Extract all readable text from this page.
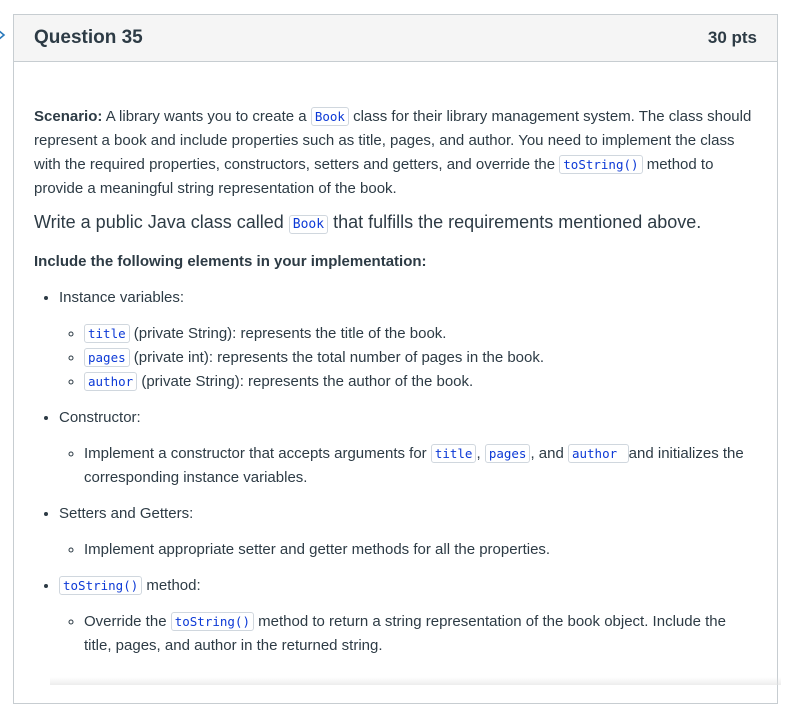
Question 35	30 pts

Scenario: A library wants you to create a Book class for their library management system. The class should represent a book and include properties such as title, pages, and author. You need to implement the class with the required properties, constructors, setters and getters, and override the toString() method to provide a meaningful string representation of the book.

Write a public Java class called Book that fulfills the requirements mentioned above.

Include the following elements in your implementation:

• Instance variables:
◦ title (private String): represents the title of the book.
◦ pages (private int): represents the total number of pages in the book.
◦ author (private String): represents the author of the book.
• Constructor:
◦ Implement a constructor that accepts arguments for title , pages , and author and initializes the corresponding instance variables.
• Setters and Getters:
◦ Implement appropriate setter and getter methods for all the properties.
• toString() method:
◦ Override the toString() method to return a string representation of the book object. Include the title, pages, and author in the returned string.
